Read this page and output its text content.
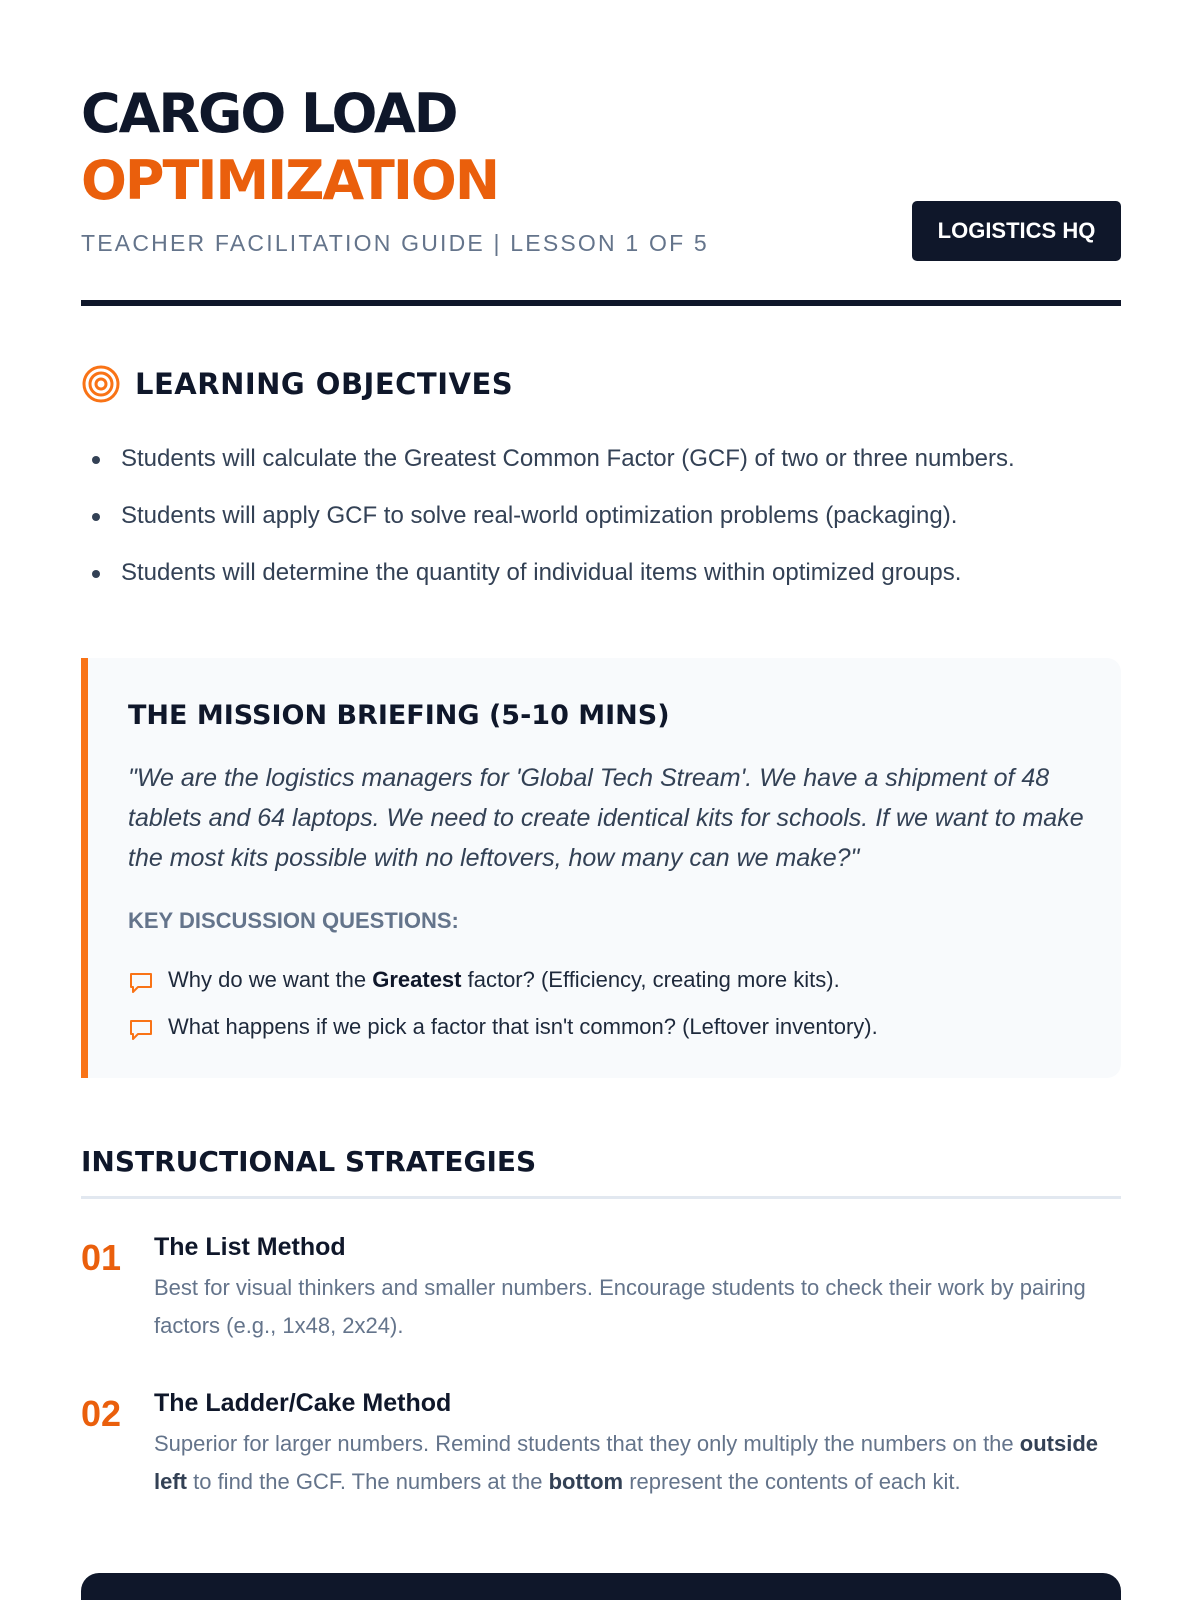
CARGO LOAD
OPTIMIZATION
TEACHER FACILITATION GUIDE | LESSON 1 OF 5	LOGISTICS HQ
LEARNING OBJECTIVES
Students will calculate the Greatest Common Factor (GCF) of two or three numbers.
Students will apply GCF to solve real-world optimization problems (packaging).
Students will determine the quantity of individual items within optimized groups.
THE MISSION BRIEFING (5-10 MINS)

"We are the logistics managers for 'Global Tech Stream'. We have a shipment of 48 tablets and 64 laptops. We need to create identical kits for schools. If we want to make the most kits possible with no leftovers, how many can we make?"

KEY DISCUSSION QUESTIONS:
Why do we want the Greatest factor? (Efficiency, creating more kits).
What happens if we pick a factor that isn't common? (Leftover inventory).
INSTRUCTIONAL STRATEGIES
01 The List Method
Best for visual thinkers and smaller numbers. Encourage students to check their work by pairing factors (e.g., 1x48, 2x24).
02 The Ladder/Cake Method
Superior for larger numbers. Remind students that they only multiply the numbers on the outside left to find the GCF. The numbers at the bottom represent the contents of each kit.
